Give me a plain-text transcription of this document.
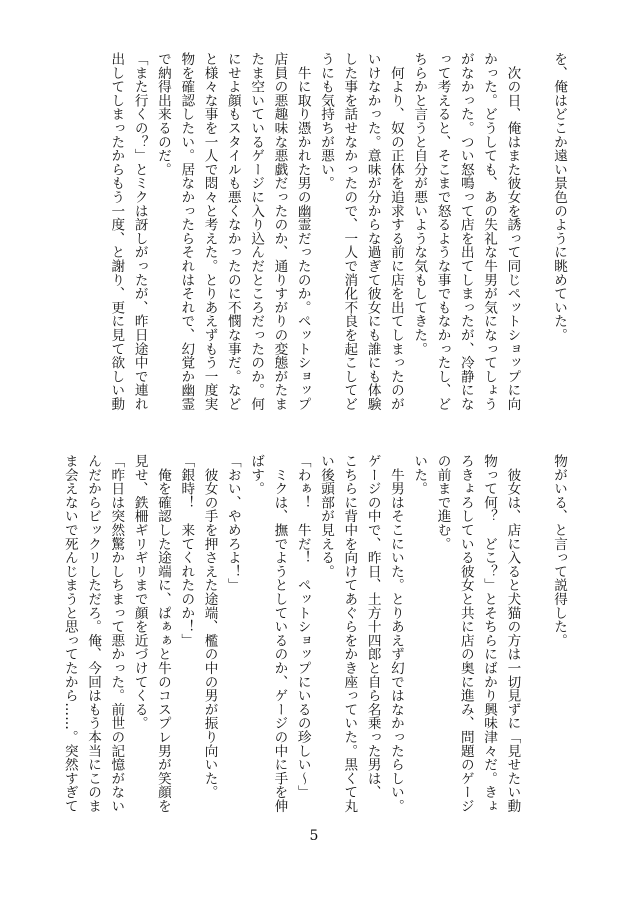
を、俺はどこか遠い景色のように眺めていた。

　次の日、俺はまた彼女を誘って同じペットショップに向
かった。どうしても、あの失礼な牛男が気になってしょう
がなかった。つい怒鳴って店を出てしまったが、冷静にな
って考えると、そこまで怒るような事でもなかったし、ど
ちらかと言うと自分が悪いような気もしてきた。
　何より、奴の正体を追求する前に店を出てしまったのが
いけなかった。意味が分からな過ぎて彼女にも誰にも体験
した事を話せなかったので、一人で消化不良を起こしてど
うにも気持ちが悪い。
　牛に取り憑かれた男の幽霊だったのか。ペットショップ
店員の悪趣味な悪戯だったのか、通りすがりの変態がたま
たま空いているゲージに入り込んだところだったのか。何
にせよ顔もスタイルも悪くなかったのに不憫な事だ。など
と様々な事を一人で悶々と考えた。とりあえずもう一度実
物を確認したい。居なかったらそれはそれで、幻覚か幽霊
で納得出来るのだ。
「また行くの？」とミクは訝しがったが、昨日途中で連れ
出してしまったからもう一度、と謝り、更に見て欲しい動
物がいる、と言って説得した。

　彼女は、店に入ると犬猫の方は一切見ずに「見せたい動
物って何？　どこ？」とそちらにばかり興味津々だ。きょ
ろきょろしている彼女と共に店の奥に進み、問題のゲージ
の前まで進む。
いた。
　牛男はそこにいた。とりあえず幻ではなかったらしい。
ゲージの中で、昨日、土方十四郎と自ら名乗った男は、
こちらに背中を向けてあぐらをかき座っていた。黒くて丸
い後頭部が見える。
「わぁ！　牛だ！　ペットショップにいるの珍しい〜」
　ミクは、撫でようとしているのか、ゲージの中に手を伸
ばす。
「おい、やめろよ！」
　彼女の手を押さえた途端、檻の中の男が振り向いた。
「銀時！　来てくれたのか！」
　俺を確認した途端に、ぱぁぁと牛のコスプレ男が笑顔を
見せ、鉄柵ギリギリまで顔を近づけてくる。
「昨日は突然驚かしちまって悪かった。前世の記憶がない
んだからビックリしただろ。俺、今回はもう本当にこのま
ま会えないで死んじまうと思ってたから……。突然すぎて
5
